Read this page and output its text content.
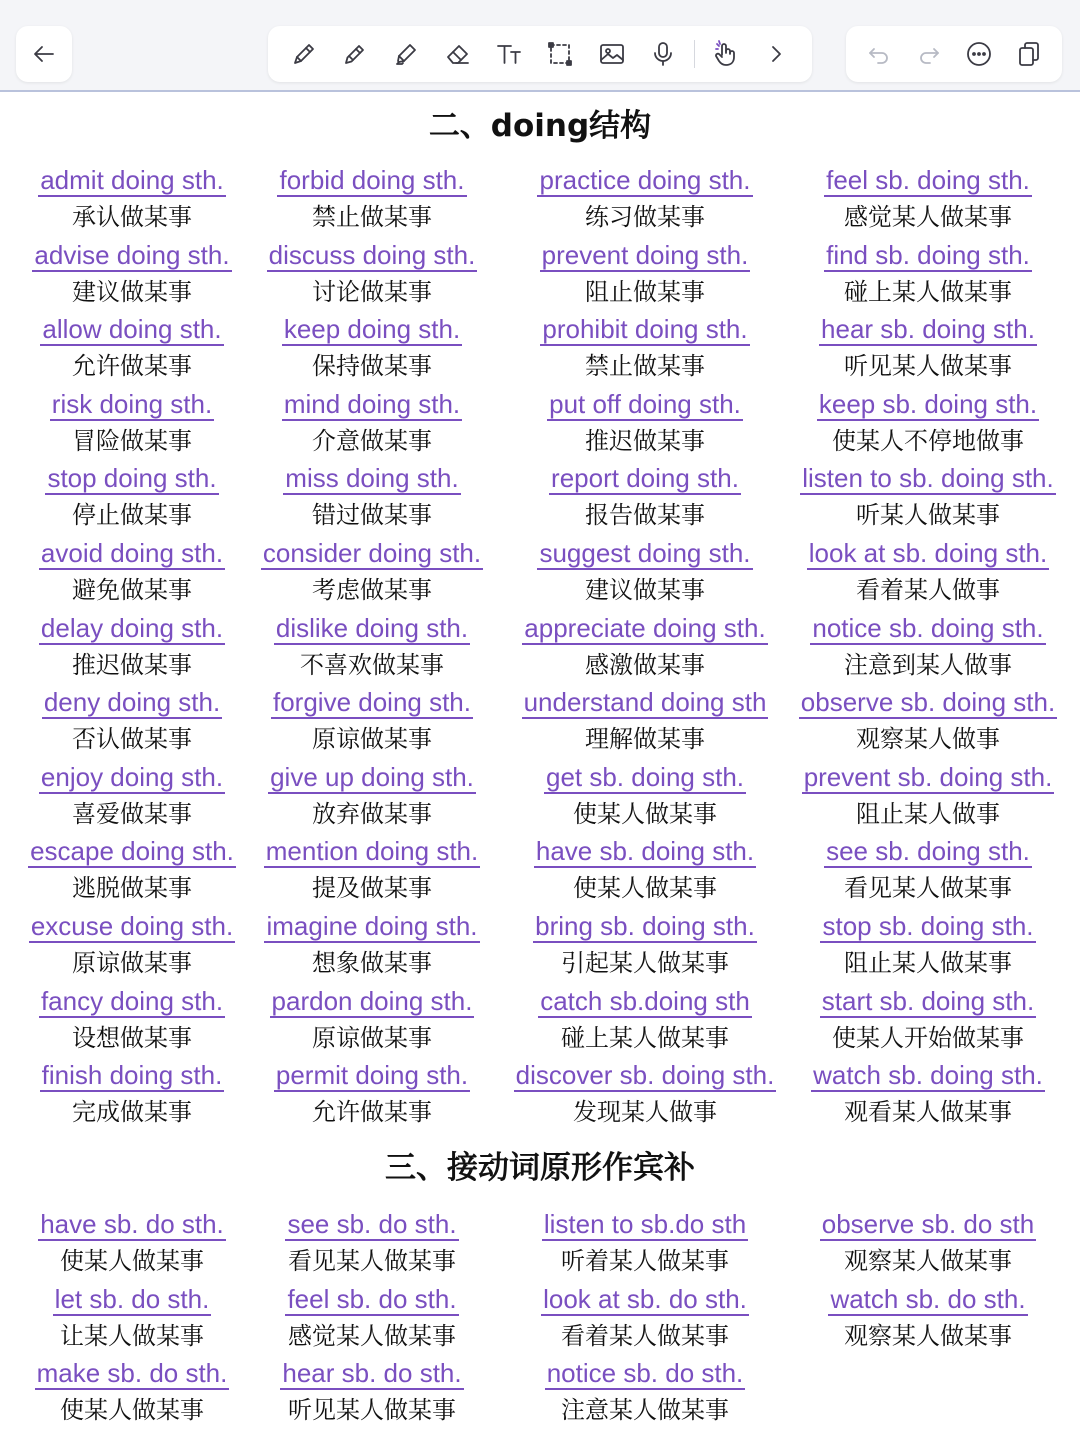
二、doing结构
admit doing sth.
承认做某事
forbid doing sth.
禁止做某事
practice doing sth.
练习做某事
feel sb. doing sth.
感觉某人做某事
advise doing sth.
建议做某事
discuss doing sth.
讨论做某事
prevent doing sth.
阻止做某事
find sb. doing sth.
碰上某人做某事
allow doing sth.
允许做某事
keep doing sth.
保持做某事
prohibit doing sth.
禁止做某事
hear sb. doing sth.
听见某人做某事
risk doing sth.
冒险做某事
mind doing sth.
介意做某事
put off doing sth.
推迟做某事
keep sb. doing sth.
使某人不停地做事
stop doing sth.
停止做某事
miss doing sth.
错过做某事
report doing sth.
报告做某事
listen to sb. doing sth.
听某人做某事
avoid doing sth.
避免做某事
consider doing sth.
考虑做某事
suggest doing sth.
建议做某事
look at sb. doing sth.
看着某人做事
delay doing sth.
推迟做某事
dislike doing sth.
不喜欢做某事
appreciate doing sth.
感激做某事
notice sb. doing sth.
注意到某人做事
deny doing sth.
否认做某事
forgive doing sth.
原谅做某事
understand doing sth
理解做某事
observe sb. doing sth.
观察某人做事
enjoy doing sth.
喜爱做某事
give up doing sth.
放弃做某事
get sb. doing sth.
使某人做某事
prevent sb. doing sth.
阻止某人做事
escape doing sth.
逃脱做某事
mention doing sth.
提及做某事
have sb. doing sth.
使某人做某事
see sb. doing sth.
看见某人做某事
excuse doing sth.
原谅做某事
imagine doing sth.
想象做某事
bring sb. doing sth.
引起某人做某事
stop sb. doing sth.
阻止某人做某事
fancy doing sth.
设想做某事
pardon doing sth.
原谅做某事
catch sb.doing sth
碰上某人做某事
start sb. doing sth.
使某人开始做某事
finish doing sth.
完成做某事
permit doing sth.
允许做某事
discover sb. doing sth.
发现某人做事
watch sb. doing sth.
观看某人做某事
三、接动词原形作宾补
have sb. do sth.
使某人做某事
see sb. do sth.
看见某人做某事
listen to sb.do sth
听着某人做某事
observe sb. do sth
观察某人做某事
let sb. do sth.
让某人做某事
feel sb. do sth.
感觉某人做某事
look at sb. do sth.
看着某人做某事
watch sb. do sth.
观察某人做某事
make sb. do sth.
使某人做某事
hear sb. do sth.
听见某人做某事
notice sb. do sth.
注意某人做某事
